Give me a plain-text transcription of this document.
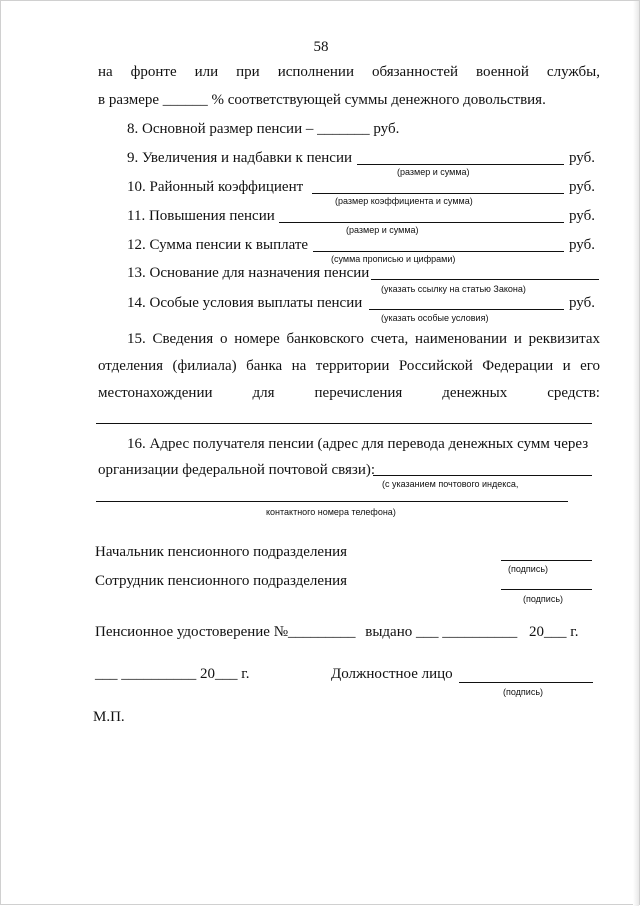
58
на фронте или при исполнении обязанностей военной службы,
в размере ______ % соответствующей суммы денежного довольствия.
8. Основной размер пенсии – _______ руб.
9. Увеличения и надбавки к пенсии	руб.
(размер и сумма)
10. Районный коэффициент	руб.
(размер коэффициента и сумма)
11. Повышения пенсии	руб.
(размер и сумма)
12. Сумма пенсии к выплате	руб.
(сумма прописью и цифрами)
13. Основание для назначения пенсии
(указать ссылку на статью Закона)
14. Особые условия выплаты пенсии	руб.
(указать особые условия)
15. Сведения о номере банковского счета, наименовании и реквизитах
отделения (филиала) банка на территории Российской Федерации и его
местонахождении	для	перечисления	денежных	средств:
16. Адрес получателя пенсии (адрес для перевода денежных сумм через
организации федеральной почтовой связи):
(с указанием почтового индекса,
контактного номера телефона)
Начальник пенсионного подразделения
(подпись)
Сотрудник пенсионного подразделения
(подпись)
Пенсионное удостоверение №_________ выдано ___ __________ 20___ г.
___ __________ 20___ г.	Должностное лицо
(подпись)
М.П.
